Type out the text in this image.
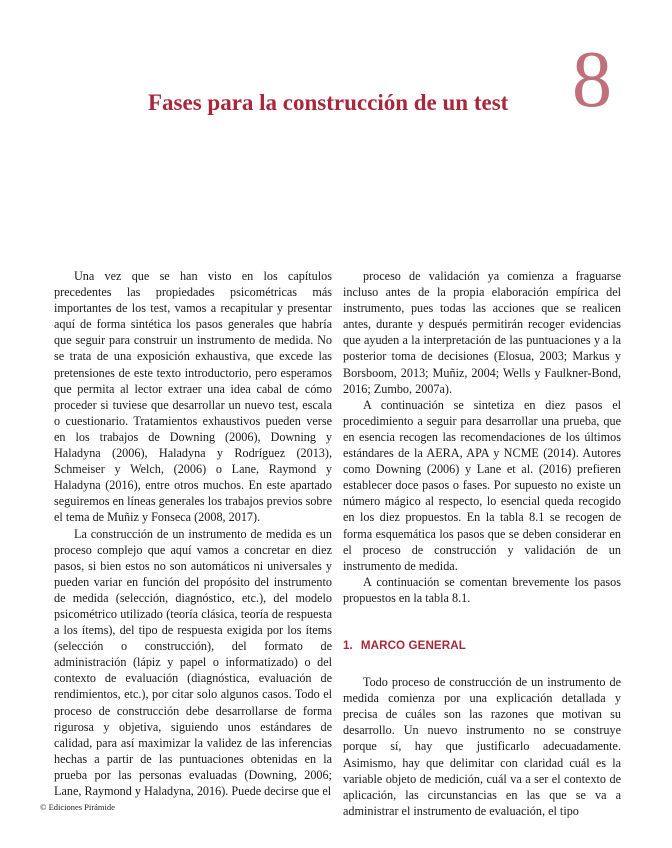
8
Fases para la construcción de un test

Una vez que se han visto en los capítulos precedentes las propiedades psicométricas más importantes de los test, vamos a recapitular y presentar aquí de forma sintética los pasos generales que habría que seguir para construir un instrumento de medida. No se trata de una exposición exhaustiva, que excede las pretensiones de este texto introductorio, pero esperamos que permita al lector extraer una idea cabal de cómo proceder si tuviese que desarrollar un nuevo test, escala o cuestionario. Tratamientos exhaustivos pueden verse en los trabajos de Downing (2006), Downing y Haladyna (2006), Haladyna y Rodríguez (2013), Schmeiser y Welch, (2006) o Lane, Raymond y Haladyna (2016), entre otros muchos. En este apartado seguiremos en líneas generales los trabajos previos sobre el tema de Muñiz y Fonseca (2008, 2017).

La construcción de un instrumento de medida es un proceso complejo que aquí vamos a concretar en diez pasos, si bien estos no son automáticos ni universales y pueden variar en función del propósito del instrumento de medida (selección, diagnóstico, etc.), del modelo psicométrico utilizado (teoría clásica, teoría de respuesta a los ítems), del tipo de respuesta exigida por los ítems (selección o construcción), del formato de administración (lápiz y papel o informatizado) o del contexto de evaluación (diagnóstica, evaluación de rendimientos, etc.), por citar solo algunos casos. Todo el proceso de construcción debe desarrollarse de forma rigurosa y objetiva, siguiendo unos estándares de calidad, para así maximizar la validez de las inferencias hechas a partir de las puntuaciones obtenidas en la prueba por las personas evaluadas (Downing, 2006; Lane, Raymond y Haladyna, 2016). Puede decirse que el

proceso de validación ya comienza a fraguarse incluso antes de la propia elaboración empírica del instrumento, pues todas las acciones que se realicen antes, durante y después permitirán recoger evidencias que ayuden a la interpretación de las puntuaciones y a la posterior toma de decisiones (Elosua, 2003; Markus y Borsboom, 2013; Muñiz, 2004; Wells y Faulkner-Bond, 2016; Zumbo, 2007a).

A continuación se sintetiza en diez pasos el procedimiento a seguir para desarrollar una prueba, que en esencia recogen las recomendaciones de los últimos estándares de la AERA, APA y NCME (2014). Autores como Downing (2006) y Lane et al. (2016) prefieren establecer doce pasos o fases. Por supuesto no existe un número mágico al respecto, lo esencial queda recogido en los diez propuestos. En la tabla 8.1 se recogen de forma esquemática los pasos que se deben considerar en el proceso de construcción y validación de un instrumento de medida.

A continuación se comentan brevemente los pasos propuestos en la tabla 8.1.

1. MARCO GENERAL

Todo proceso de construcción de un instrumento de medida comienza por una explicación detallada y precisa de cuáles son las razones que motivan su desarrollo. Un nuevo instrumento no se construye porque sí, hay que justificarlo adecuadamente. Asimismo, hay que delimitar con claridad cuál es la variable objeto de medición, cuál va a ser el contexto de aplicación, las circunstancias en las que se va a administrar el instrumento de evaluación, el tipo

© Ediciones Pirámide
